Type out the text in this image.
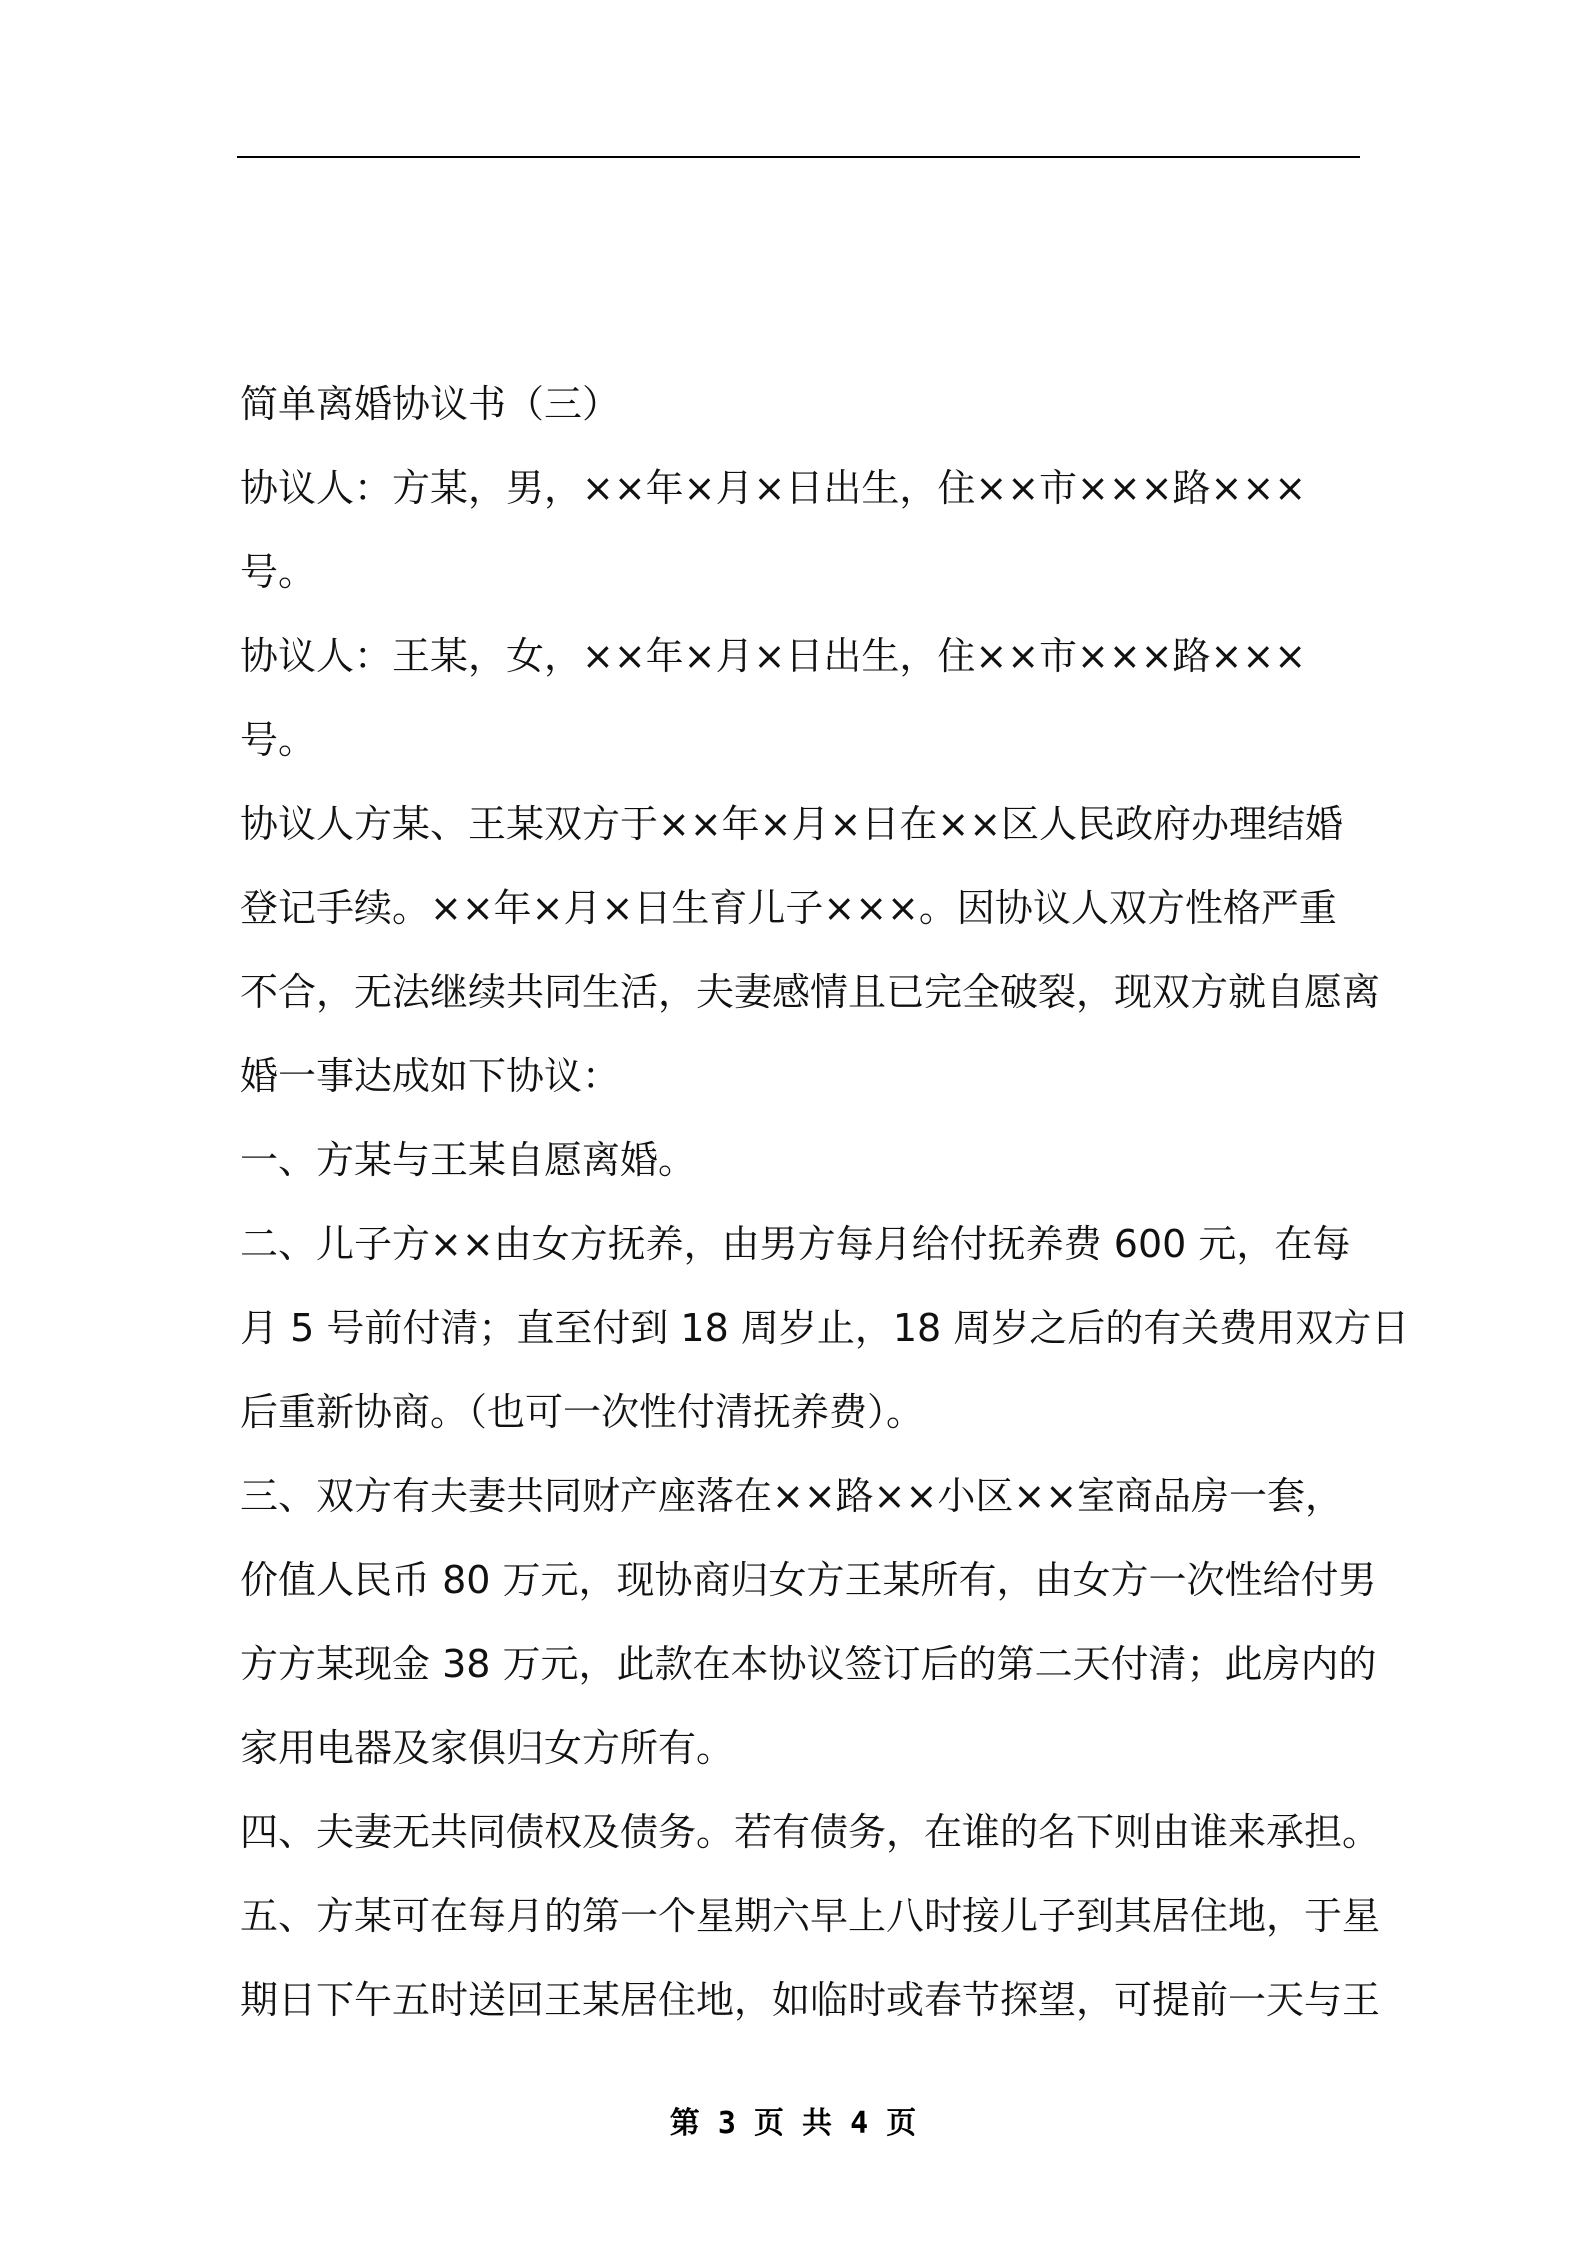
简单离婚协议书（三）
协议人：方某，男，××年×月×日出生，住××市×××路×××
号。
协议人：王某，女，××年×月×日出生，住××市×××路×××
号。
协议人方某、王某双方于××年×月×日在××区人民政府办理结婚
登记手续。××年×月×日生育儿子×××。因协议人双方性格严重
不合，无法继续共同生活，夫妻感情且已完全破裂，现双方就自愿离
婚一事达成如下协议：
一、方某与王某自愿离婚。
二、儿子方××由女方抚养，由男方每月给付抚养费 600 元，在每
月 5 号前付清；直至付到 18 周岁止，18 周岁之后的有关费用双方日
后重新协商。（也可一次性付清抚养费）。
三、双方有夫妻共同财产座落在××路××小区××室商品房一套，
价值人民币 80 万元，现协商归女方王某所有，由女方一次性给付男
方方某现金 38 万元，此款在本协议签订后的第二天付清；此房内的
家用电器及家俱归女方所有。
四、夫妻无共同债权及债务。若有债务，在谁的名下则由谁来承担。
五、方某可在每月的第一个星期六早上八时接儿子到其居住地，于星
期日下午五时送回王某居住地，如临时或春节探望，可提前一天与王
第 3 页 共 4 页
